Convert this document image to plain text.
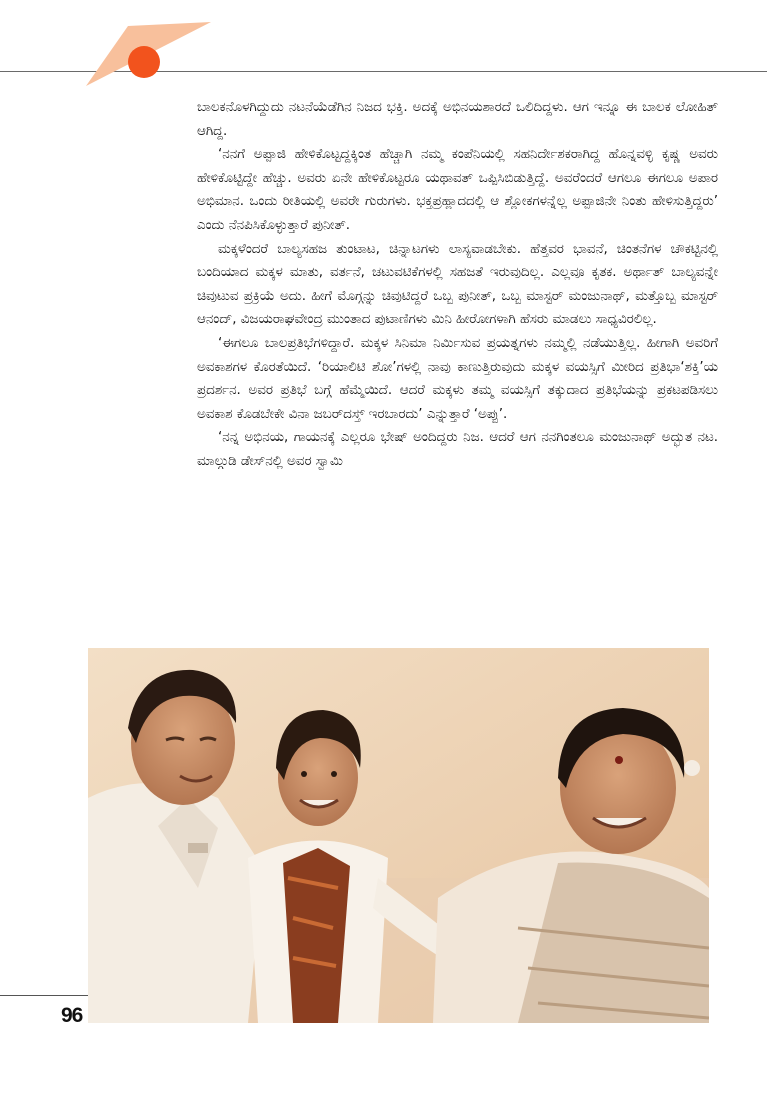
ಬಾಲಕನೊಳಗಿದ್ದುದು ನಟನೆಯೆಡೆಗಿನ ನಿಜದ ಭಕ್ತಿ. ಅದಕ್ಕೆ ಅಭಿನಯಶಾರದೆ ಒಲಿದಿದ್ದಳು. ಆಗ ಇನ್ನೂ ಈ ಬಾಲಕ ಲೋಹಿತ್ ಆಗಿದ್ದ.

‘ನನಗೆ ಅಪ್ಪಾಜಿ ಹೇಳಿಕೊಟ್ಟದ್ದಕ್ಕಿಂತ ಹೆಚ್ಚಾಗಿ ನಮ್ಮ ಕಂಪೆನಿಯಲ್ಲಿ ಸಹನಿರ್ದೇಶಕರಾಗಿದ್ದ ಹೊನ್ನವಳ್ಳಿ ಕೃಷ್ಣ ಅವರು ಹೇಳಿಕೊಟ್ಟಿದ್ದೇ ಹೆಚ್ಚು. ಅವರು ಏನೇ ಹೇಳಿಕೊಟ್ಟರೂ ಯಥಾವತ್ ಒಪ್ಪಿಸಿಬಿಡುತ್ತಿದ್ದೆ. ಅವರೆಂದರೆ ಆಗಲೂ ಈಗಲೂ ಅಪಾರ ಅಭಿಮಾನ. ಒಂದು ರೀತಿಯಲ್ಲಿ ಅವರೇ ಗುರುಗಳು. ಭಕ್ತಪ್ರಹ್ಲಾದದಲ್ಲಿ ಆ ಶ್ಲೋಕಗಳನ್ನೆಲ್ಲ ಅಪ್ಪಾಜಿನೇ ನಿಂತು ಹೇಳಿಸುತ್ತಿದ್ದರು’ ಎಂದು ನೆನಪಿಸಿಕೊಳ್ಳುತ್ತಾರೆ ಪುನೀತ್.

ಮಕ್ಕಳೆಂದರೆ ಬಾಲ್ಯಸಹಜ ತುಂಟಾಟ, ಚಿನ್ನಾಟಗಳು ಲಾಸ್ಯವಾಡಬೇಕು. ಹೆತ್ತವರ ಭಾವನೆ, ಚಿಂತನೆಗಳ ಚೌಕಟ್ಟಿನಲ್ಲಿ ಬಂದಿಯಾದ ಮಕ್ಕಳ ಮಾತು, ವರ್ತನೆ, ಚಟುವಟಿಕೆಗಳಲ್ಲಿ ಸಹಜತೆ ಇರುವುದಿಲ್ಲ. ಎಲ್ಲವೂ ಕೃತಕ. ಅರ್ಥಾತ್ ಬಾಲ್ಯವನ್ನೇ ಚಿವುಟುವ ಪ್ರಕ್ರಿಯೆ ಅದು. ಹೀಗೆ ಮೊಗ್ಗನ್ನು ಚಿವುಟಿದ್ದರೆ ಒಬ್ಬ ಪುನೀತ್, ಒಬ್ಬ ಮಾಸ್ಟರ್ ಮಂಜುನಾಥ್, ಮತ್ತೊಬ್ಬ ಮಾಸ್ಟರ್ ಆನಂದ್, ವಿಜಯರಾಘವೇಂದ್ರ ಮುಂತಾದ ಪುಟಾಣಿಗಳು ಮಿನಿ ಹೀರೋಗಳಾಗಿ ಹೆಸರು ಮಾಡಲು ಸಾಧ್ಯವಿರಲಿಲ್ಲ.

‘ಈಗಲೂ ಬಾಲಪ್ರತಿಭೆಗಳಿದ್ದಾರೆ. ಮಕ್ಕಳ ಸಿನಿಮಾ ನಿರ್ಮಿಸುವ ಪ್ರಯತ್ನಗಳು ನಮ್ಮಲ್ಲಿ ನಡೆಯುತ್ತಿಲ್ಲ. ಹೀಗಾಗಿ ಅವರಿಗೆ ಅವಕಾಶಗಳ ಕೊರತೆಯಿದೆ. ‘ರಿಯಾಲಿಟಿ ಶೋ’ಗಳಲ್ಲಿ ನಾವು ಕಾಣುತ್ತಿರುವುದು ಮಕ್ಕಳ ವಯಸ್ಸಿಗೆ ಮೀರಿದ ಪ್ರತಿಭಾ‘ಶಕ್ತಿ’ಯ ಪ್ರದರ್ಶನ. ಅವರ ಪ್ರತಿಭೆ ಬಗ್ಗೆ ಹೆಮ್ಮೆಯಿದೆ. ಆದರೆ ಮಕ್ಕಳು ತಮ್ಮ ವಯಸ್ಸಿಗೆ ತಕ್ಕುದಾದ ಪ್ರತಿಭೆಯನ್ನು ಪ್ರಕಟಪಡಿಸಲು ಅವಕಾಶ ಕೊಡಬೇಕೇ ವಿನಾ ಜಬರ್‌ದಸ್ತ್ ಇರಬಾರದು’ ಎನ್ನುತ್ತಾರೆ ‘ಅಪ್ಪು’.

‘ನನ್ನ ಅಭಿನಯ, ಗಾಯನಕ್ಕೆ ಎಲ್ಲರೂ ಭೇಷ್ ಅಂದಿದ್ದರು ನಿಜ. ಆದರೆ ಆಗ ನನಗಿಂತಲೂ ಮಂಜುನಾಥ್ ಅದ್ಭುತ ನಟ. ಮಾಲ್ಗುಡಿ ಡೇಸ್‌ನಲ್ಲಿ ಅವರ ಸ್ವಾಮಿ

96
